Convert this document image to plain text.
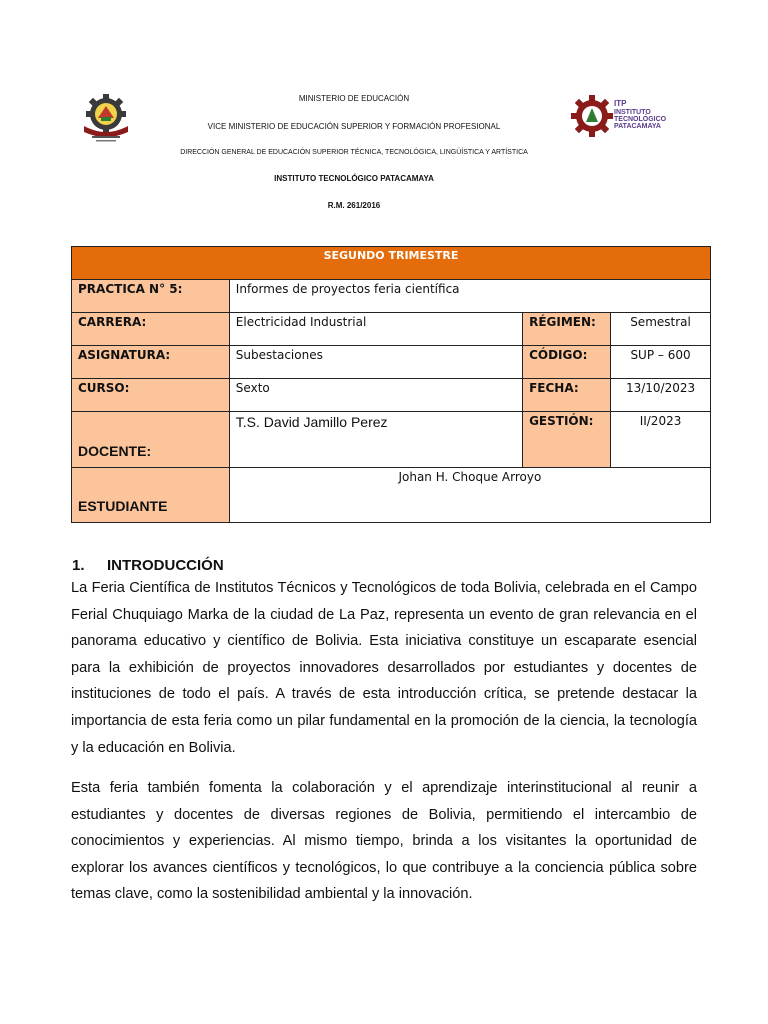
ITP
INSTITUTO
TECNOLÓGICO
PATACAMAYA
MINISTERIO DE EDUCACIÓN
VICE MINISTERIO DE EDUCACIÓN SUPERIOR Y FORMACIÓN PROFESIONAL
DIRECCIÓN GENERAL DE EDUCACIÓN SUPERIOR TÉCNICA, TECNOLÓGICA, LINGÜÍSTICA Y ARTÍSTICA
INSTITUTO TECNOLÓGICO PATACAMAYA
R.M. 261/2016
SEGUNDO TRIMESTRE			
PRACTICA N° 5:	Informes de proyectos feria científica		
CARRERA:	Electricidad Industrial	RÉGIMEN:	Semestral
ASIGNATURA:	Subestaciones	CÓDIGO:	SUP – 600
CURSO:	Sexto	FECHA:	13/10/2023
DOCENTE:	T.S. David Jamillo Perez	GESTIÓN:	II/2023
ESTUDIANTE	Johan H. Choque Arroyo		
1. INTRODUCCIÓN
La Feria Científica de Institutos Técnicos y Tecnológicos de toda Bolivia, celebrada en el Campo Ferial Chuquiago Marka de la ciudad de La Paz, representa un evento de gran relevancia en el panorama educativo y científico de Bolivia. Esta iniciativa constituye un escaparate esencial para la exhibición de proyectos innovadores desarrollados por estudiantes y docentes de instituciones de todo el país. A través de esta introducción crítica, se pretende destacar la importancia de esta feria como un pilar fundamental en la promoción de la ciencia, la tecnología y la educación en Bolivia.
Esta feria también fomenta la colaboración y el aprendizaje interinstitucional al reunir a estudiantes y docentes de diversas regiones de Bolivia, permitiendo el intercambio de conocimientos y experiencias. Al mismo tiempo, brinda a los visitantes la oportunidad de explorar los avances científicos y tecnológicos, lo que contribuye a la conciencia pública sobre temas clave, como la sostenibilidad ambiental y la innovación.
